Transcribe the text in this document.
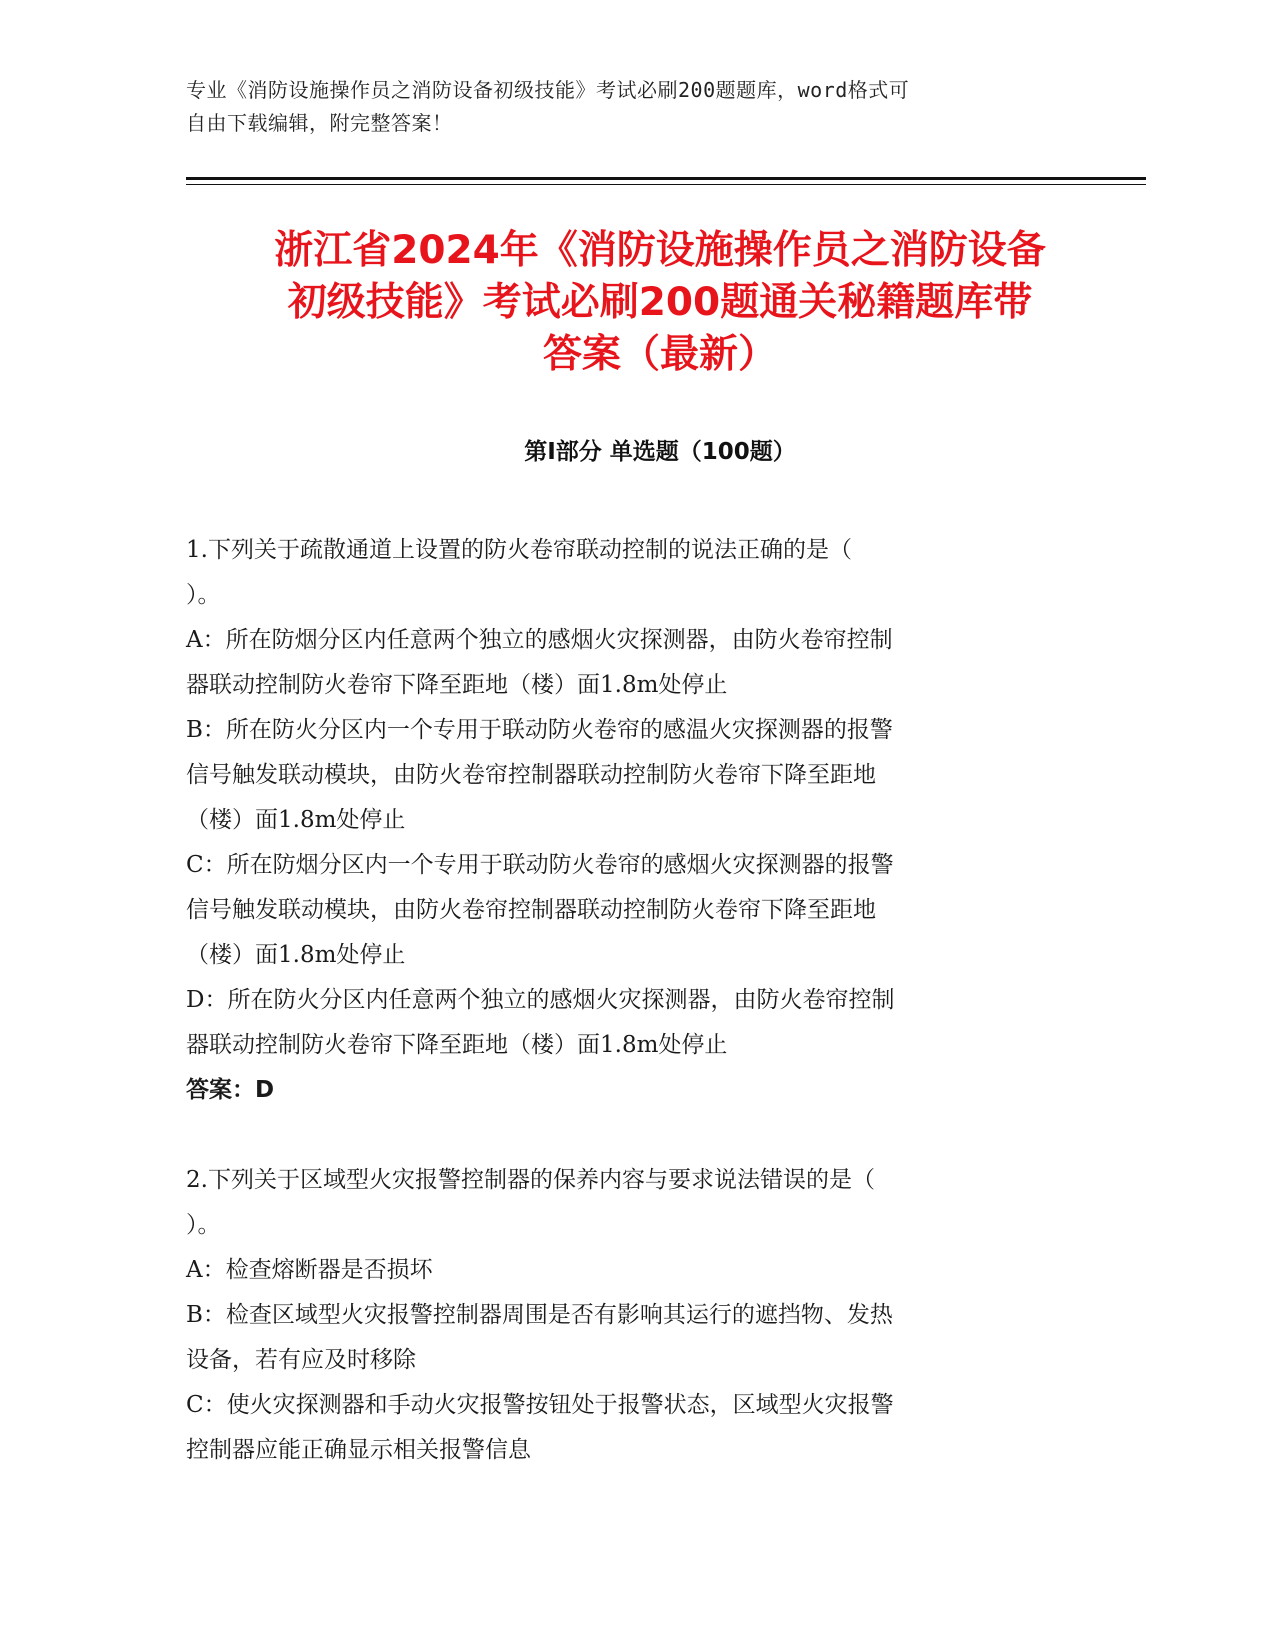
专业《消防设施操作员之消防设备初级技能》考试必刷200题题库，word格式可
自由下载编辑，附完整答案！
浙江省2024年《消防设施操作员之消防设备
初级技能》考试必刷200题通关秘籍题库带
答案（最新）
第I部分 单选题（100题）
1.下列关于疏散通道上设置的防火卷帘联动控制的说法正确的是（
）。
A：所在防烟分区内任意两个独立的感烟火灾探测器，由防火卷帘控制
器联动控制防火卷帘下降至距地（楼）面1.8m处停止
B：所在防火分区内一个专用于联动防火卷帘的感温火灾探测器的报警
信号触发联动模块，由防火卷帘控制器联动控制防火卷帘下降至距地
（楼）面1.8m处停止
C：所在防烟分区内一个专用于联动防火卷帘的感烟火灾探测器的报警
信号触发联动模块，由防火卷帘控制器联动控制防火卷帘下降至距地
（楼）面1.8m处停止
D：所在防火分区内任意两个独立的感烟火灾探测器，由防火卷帘控制
器联动控制防火卷帘下降至距地（楼）面1.8m处停止
答案：D
2.下列关于区域型火灾报警控制器的保养内容与要求说法错误的是（
）。
A：检查熔断器是否损坏
B：检查区域型火灾报警控制器周围是否有影响其运行的遮挡物、发热
设备，若有应及时移除
C：使火灾探测器和手动火灾报警按钮处于报警状态，区域型火灾报警
控制器应能正确显示相关报警信息
